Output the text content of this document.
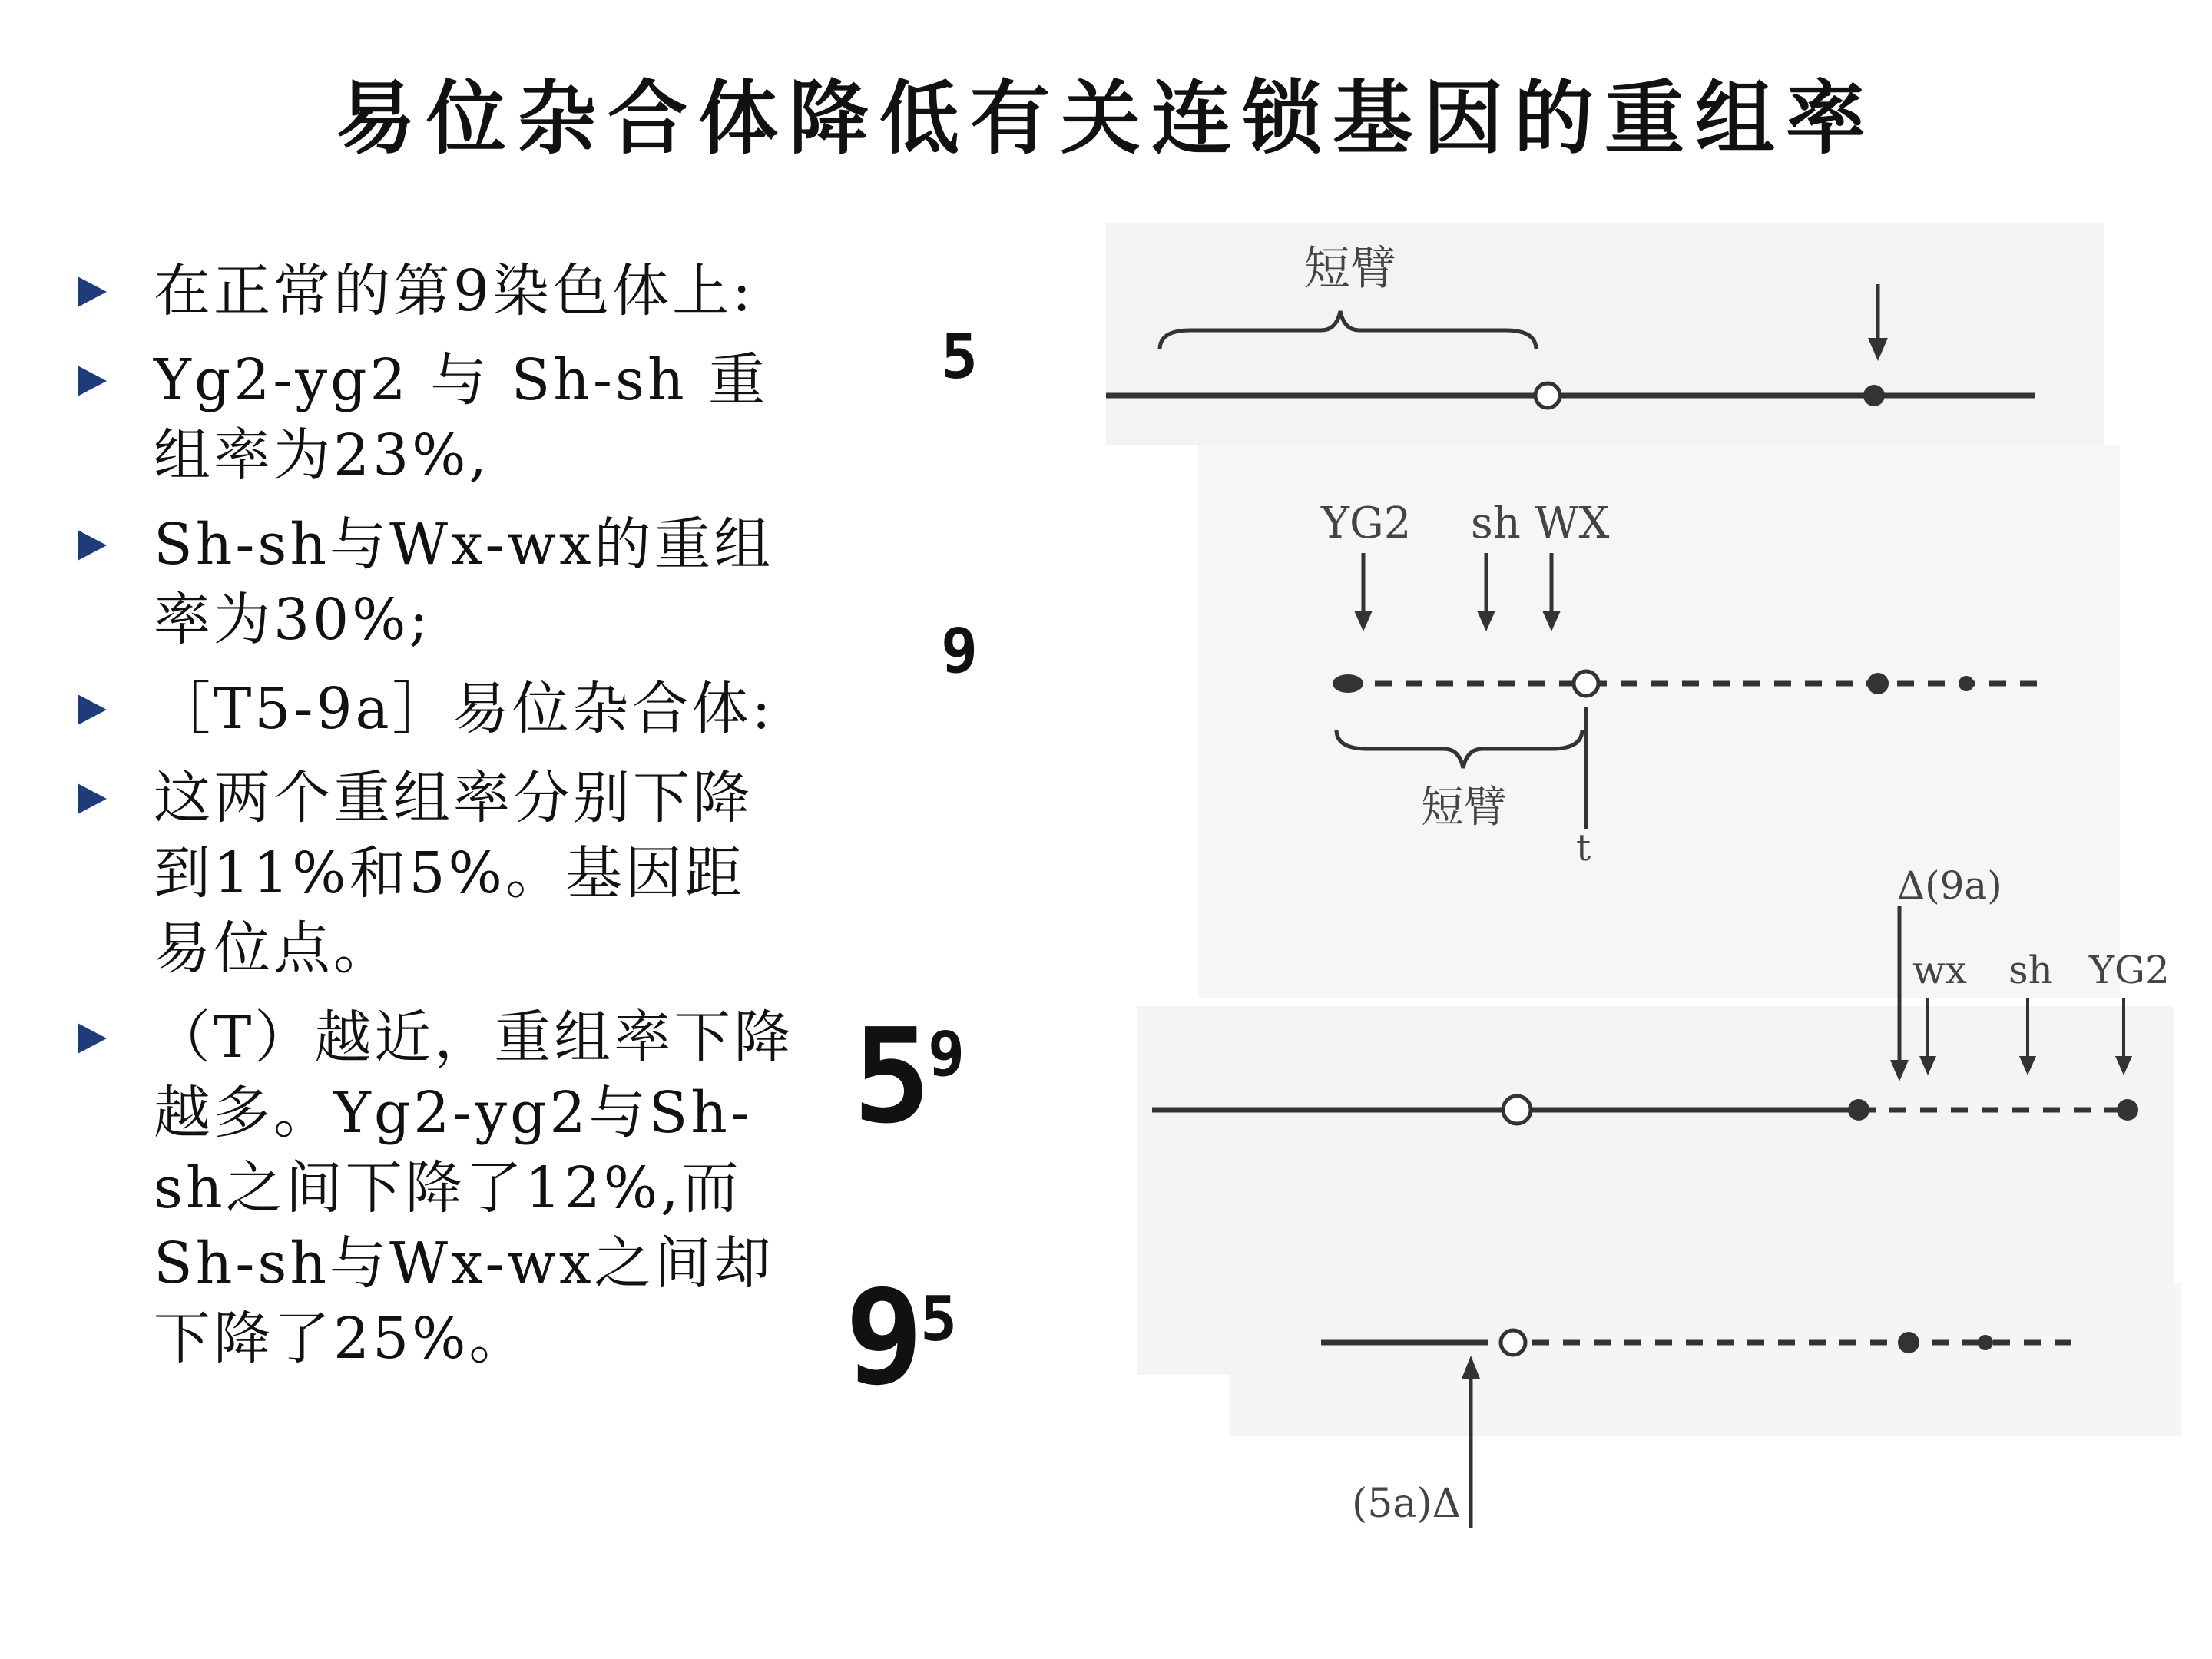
易位杂合体降低有关连锁基因的重组率
在正常的第9染色体上:
Yg2-yg2 与 Sh-sh 重组率为23%,
Sh-sh与Wx-wx的重组率为30%;
［T5-9a］易位杂合体:
这两个重组率分别下降到11%和5%。基因距易位点。
（T）越近，重组率下降越多。Yg2-yg2与Sh-sh之间下降了12%,而Sh-sh与Wx-wx之间却下降了25%。
5
短臂
9
YG2 sh WX
短臂
t
5
9
Δ(9a)
wx sh YG2
9
5
(5a)Δ
